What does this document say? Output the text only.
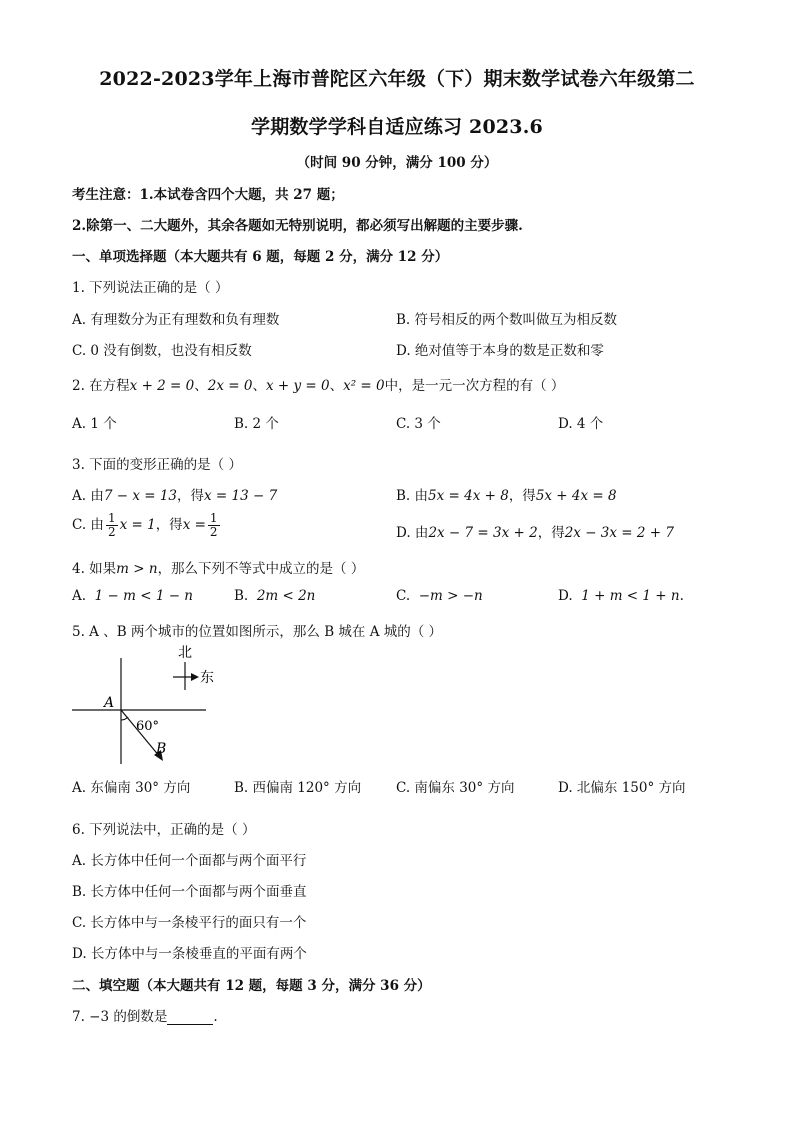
2022-2023学年上海市普陀区六年级（下）期末数学试卷六年级第二
学期数学学科自适应练习 2023.6
（时间 90 分钟，满分 100 分）
考生注意：1.本试卷含四个大题，共 27 题；
2.除第一、二大题外，其余各题如无特别说明，都必须写出解题的主要步骤.
一、单项选择题（本大题共有 6 题，每题 2 分，满分 12 分）
1. 下列说法正确的是（ ）
A. 有理数分为正有理数和负有理数	B. 符号相反的两个数叫做互为相反数
C. 0 没有倒数，也没有相反数	D. 绝对值等于本身的数是正数和零
2. 在方程x + 2 = 0、2x = 0、x + y = 0、x² = 0中，是一元一次方程的有（ ）
A. 1 个	B. 2 个	C. 3 个	D. 4 个
3. 下面的变形正确的是（ ）
A. 由7 − x = 13，得x = 13 − 7	B. 由5x = 4x + 8，得5x + 4x = 8
C. 由 $\frac{1}{2}$ x = 1，得$x = \frac{1}{2}$	D. 由2x − 7 = 3x + 2，得2x − 3x = 2 + 7
4. 如果m > n，那么下列不等式中成立的是（ ）
A. 1 − m < 1 − n	B. 2m < 2n	C. −m > −n	D. 1 + m < 1 + n.
5. A 、B 两个城市的位置如图所示，那么 B 城在 A 城的（ ）
北
东
A
B
60°
A. 东偏南 30° 方向	B. 西偏南 120° 方向	C. 南偏东 30° 方向	D. 北偏东 150° 方向
6. 下列说法中，正确的是（ ）
A. 长方体中任何一个面都与两个面平行
B. 长方体中任何一个面都与两个面垂直
C. 长方体中与一条棱平行的面只有一个
D. 长方体中与一条棱垂直的平面有两个
二、填空题（本大题共有 12 题，每题 3 分，满分 36 分）
7. −3 的倒数是	.
